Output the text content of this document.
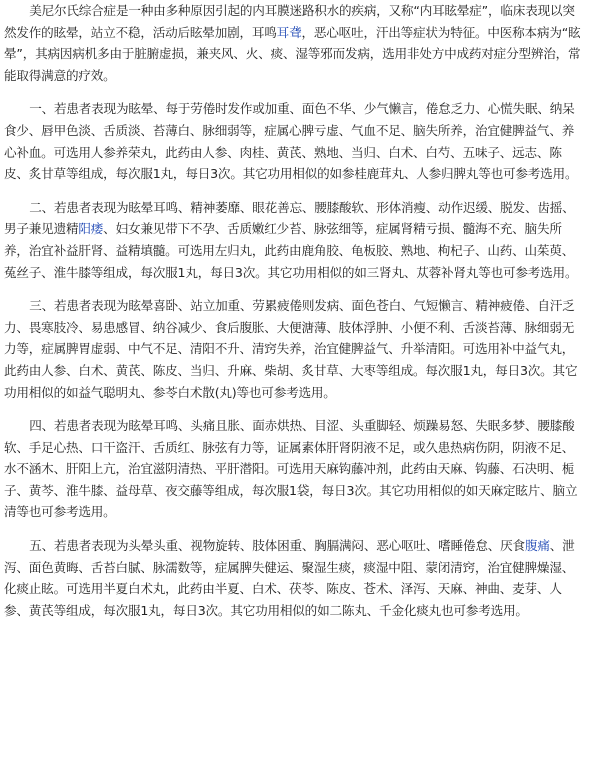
美尼尔氏综合症是一种由多种原因引起的内耳膜迷路积水的疾病，又称“内耳眩晕症”，临床表现以突然发作的眩晕，站立不稳，活动后眩晕加剧，耳鸣耳聋，恶心呕吐，汗出等症状为特征。中医称本病为“眩晕”，其病因病机多由于脏腑虚损，兼夹风、火、痰、湿等邪而发病，选用非处方中成药对症分型辨治，常能取得满意的疗效。

一、若患者表现为眩晕、每于劳倦时发作或加重、面色不华、少气懒言，倦怠乏力、心慌失眠、纳呆食少、唇甲色淡、舌质淡、苔薄白、脉细弱等，症属心脾亏虚、气血不足、脑失所养，治宜健脾益气、养心补血。可选用人参养荣丸，此药由人参、肉桂、黄芪、熟地、当归、白术、白芍、五味子、远志、陈皮、炙甘草等组成，每次服1丸，每日3次。其它功用相似的如参桂鹿茸丸、人参归脾丸等也可参考选用。

二、若患者表现为眩晕耳鸣、精神萎靡、眼花善忘、腰膝酸软、形体消瘦、动作迟缓、脱发、齿摇、男子兼见遗精阳痿、妇女兼见带下不孕、舌质嫩红少苔、脉弦细等，症属肾精亏损、髓海不充、脑失所养，治宜补益肝肾、益精填髓。可选用左归丸，此药由鹿角胶、龟板胶、熟地、枸杞子、山药、山茱萸、菟丝子、淮牛膝等组成，每次服1丸，每日3次。其它功用相似的如三肾丸、苁蓉补肾丸等也可参考选用。

三、若患者表现为眩晕喜卧、站立加重、劳累疲倦则发病、面色苍白、气短懒言、精神疲倦、自汗乏力、畏寒肢冷、易患感冒、纳谷减少、食后腹胀、大便溏薄、肢体浮肿、小便不利、舌淡苔薄、脉细弱无力等，症属脾胃虚弱、中气不足、清阳不升、清窍失养，治宜健脾益气、升举清阳。可选用补中益气丸，此药由人参、白术、黄芪、陈皮、当归、升麻、柴胡、炙甘草、大枣等组成。每次服1丸，每日3次。其它功用相似的如益气聪明丸、参苓白术散(丸)等也可参考选用。

四、若患者表现为眩晕耳鸣、头痛且胀、面赤烘热、目涩、头重脚轻、烦躁易怒、失眠多梦、腰膝酸软、手足心热、口干盗汗、舌质红、脉弦有力等，证属素体肝肾阴液不足，或久患热病伤阴，阴液不足、水不涵木、肝阳上亢，治宜滋阴清热、平肝潜阳。可选用天麻钩藤冲剂，此药由天麻、钩藤、石决明、栀子、黄芩、淮牛膝、益母草、夜交藤等组成，每次服1袋，每日3次。其它功用相似的如天麻定眩片、脑立清等也可参考选用。

五、若患者表现为头晕头重、视物旋转、肢体困重、胸膈满闷、恶心呕吐、嗜睡倦怠、厌食腹痛、泄泻、面色黄晦、舌苔白腻、脉濡数等，症属脾失健运、聚湿生痰，痰湿中阻、蒙闭清窍，治宜健脾燥湿、化痰止眩。可选用半夏白术丸，此药由半夏、白术、茯苓、陈皮、苍术、泽泻、天麻、神曲、麦芽、人参、黄芪等组成，每次服1丸，每日3次。其它功用相似的如二陈丸、千金化痰丸也可参考选用。
